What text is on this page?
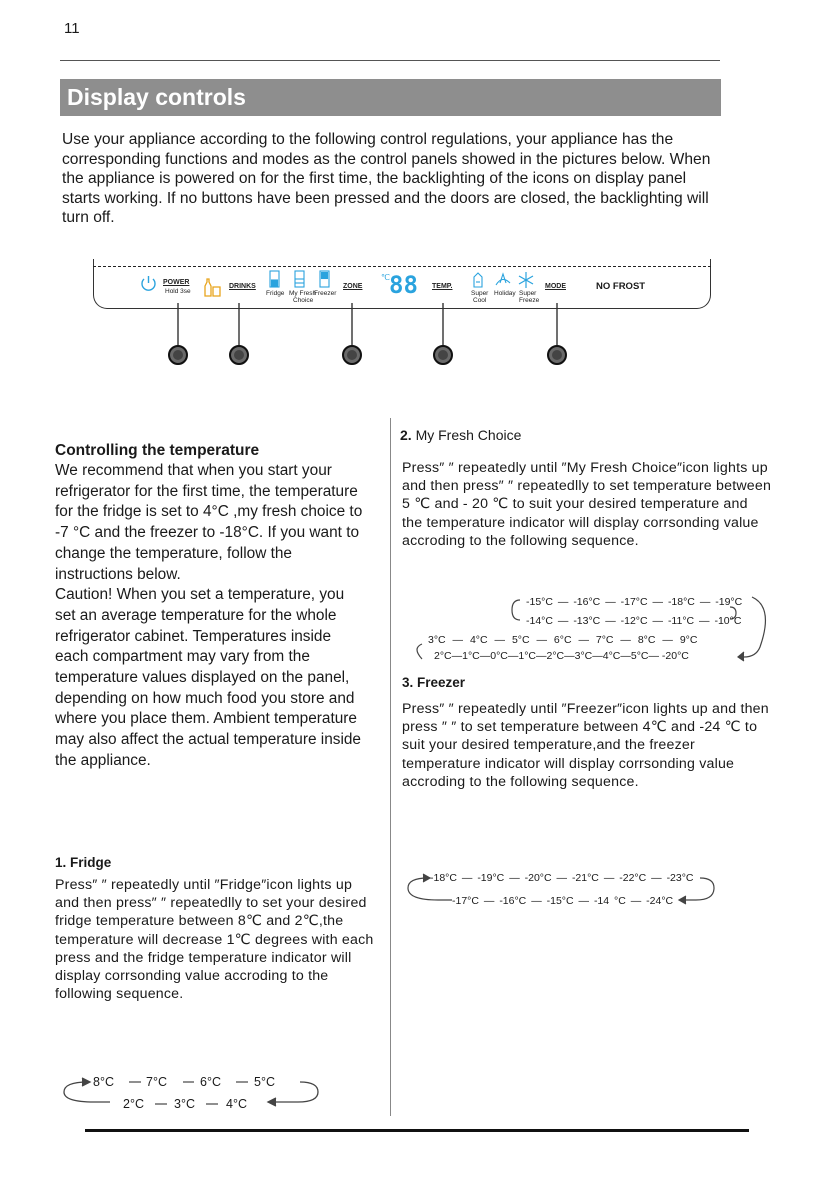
11
Display controls
Use your appliance according to the following control regulations, your appliance has the corresponding functions and modes as the control panels showed in the pictures below. When the appliance is powered on for the first time, the backlighting of the icons on display panel starts working. If no buttons have been pressed and the doors are closed, the backlighting will turn off.
℃
POWER
Hold 3se
DRINKS
Fridge My Fresh
Choice
Freezer
ZONE 88 TEMP.
Super
Cool
Holiday Super
Freeze
MODE	NO FROST
Controlling the temperature
We recommend that when you start your refrigerator for the first time, the temperature for the fridge is set to 4°C ,my fresh choice to -7 °C and the freezer to -18°C. If you want to change the temperature, follow the instructions below.
Caution! When you set a temperature, you set an average temperature for the whole refrigerator cabinet. Temperatures inside each compartment may vary from the temperature values displayed on the panel, depending on how much food you store and where you place them. Ambient temperature may also affect the actual temperature inside the appliance.
1. Fridge
Press″ ″ repeatedly until ″Fridge″icon lights up and then press″ ″ repeatedlly to set your desired fridge temperature between 8℃ and 2℃,the temperature will decrease 1℃ degrees with each press and the fridge temperature indicator will display corrsonding value accroding to the following sequence.
8°C	7°C	6°C	5°C
2°C 3°C 4°C
2. My Fresh Choice
Press″ ″ repeatedly until ″My Fresh Choice″icon lights up and then press″ ″ repeatedlly to set temperature between 5 ℃ and - 20 ℃ to suit your desired temperature and the temperature indicator will display corrsonding value accroding to the following sequence.
-15°C — -16°C — -17°C — -18°C — -19°C
-14°C — -13°C — -12°C — -11°C — -10°C
3°C — 4°C — 5°C — 6°C — 7°C — 8°C — 9°C
2°C—1°C—0°C—1°C—2°C—3°C—4°C—5°C— -20°C
3. Freezer
Press″ ″ repeatedly until ″Freezer″icon lights up and then press ″ ″ to set temperature between 4℃ and -24 ℃ to suit your desired temperature,and the freezer temperature indicator will display corrsonding value accroding to the following sequence.
-18°C — -19°C — -20°C — -21°C — -22°C — -23°C
-17°C — -16°C — -15°C — -14 °C — -24°C
